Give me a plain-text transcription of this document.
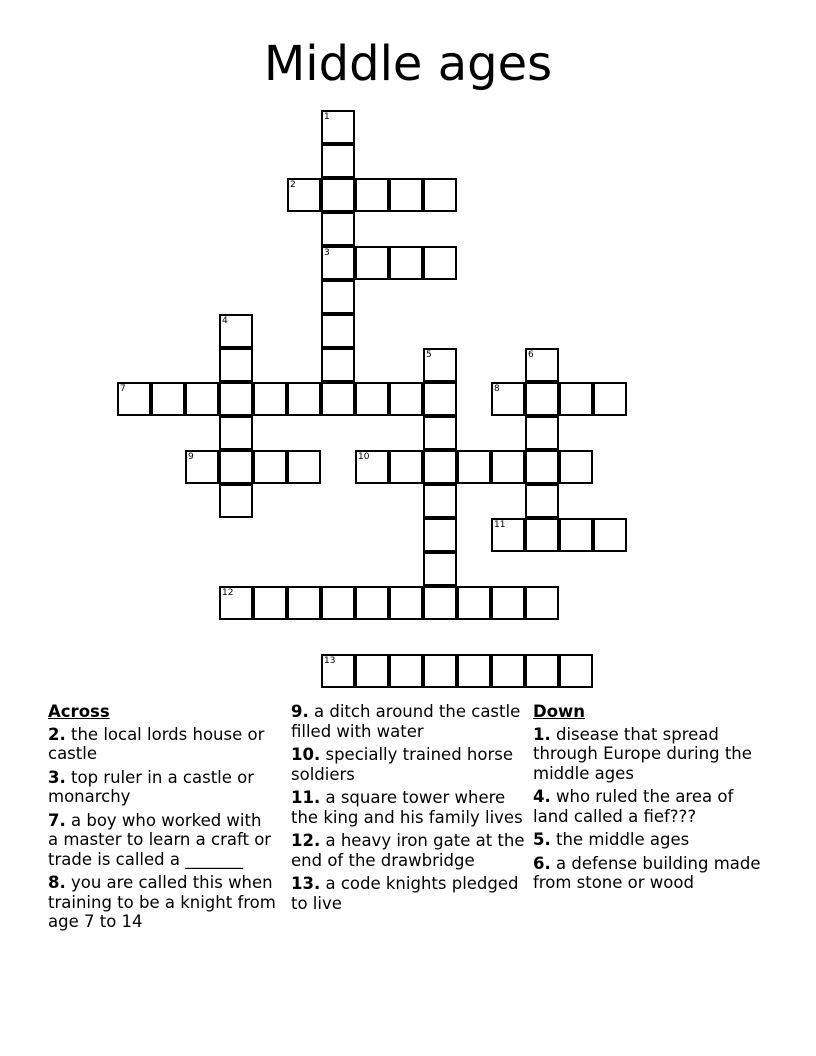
Middle ages
1
3
2
4
5	6
7	8
9	10
11
12
13
Across
2. the local lords house or castle
3. top ruler in a castle or monarchy
7. a boy who worked with a master to learn a craft or trade is called a _______
8. you are called this when training to be a knight from age 7 to 14
9. a ditch around the castle filled with water
10. specially trained horse soldiers
11. a square tower where the king and his family lives
12. a heavy iron gate at the end of the drawbridge
13. a code knights pledged to live
Down
1. disease that spread through Europe during the middle ages
4. who ruled the area of land called a fief???
5. the middle ages
6. a defense building made from stone or wood
